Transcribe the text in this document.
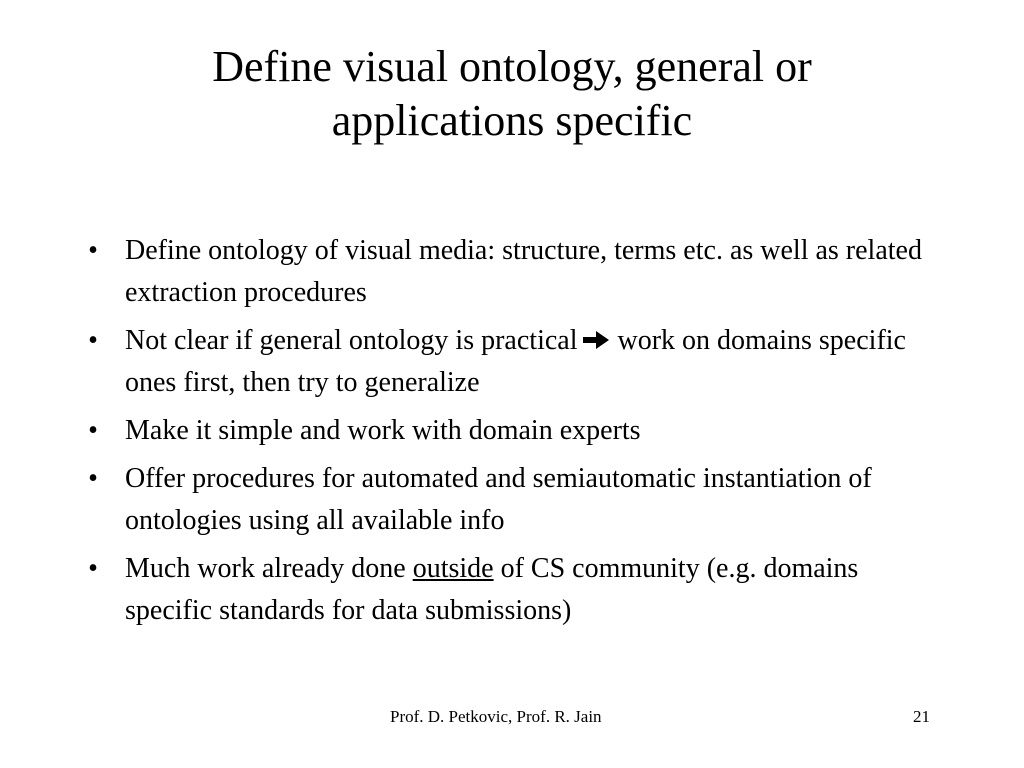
Define visual ontology, general or
applications specific
• Define ontology of visual media: structure, terms etc. as well as related extraction procedures
• Not clear if general ontology is practical work on domains specific ones first, then try to generalize
• Make it simple and work with domain experts
• Offer procedures for automated and semiautomatic instantiation of ontologies using all available info
• Much work already done outside of CS community (e.g. domains specific standards for data submissions)
Prof. D. Petkovic, Prof. R. Jain	21
